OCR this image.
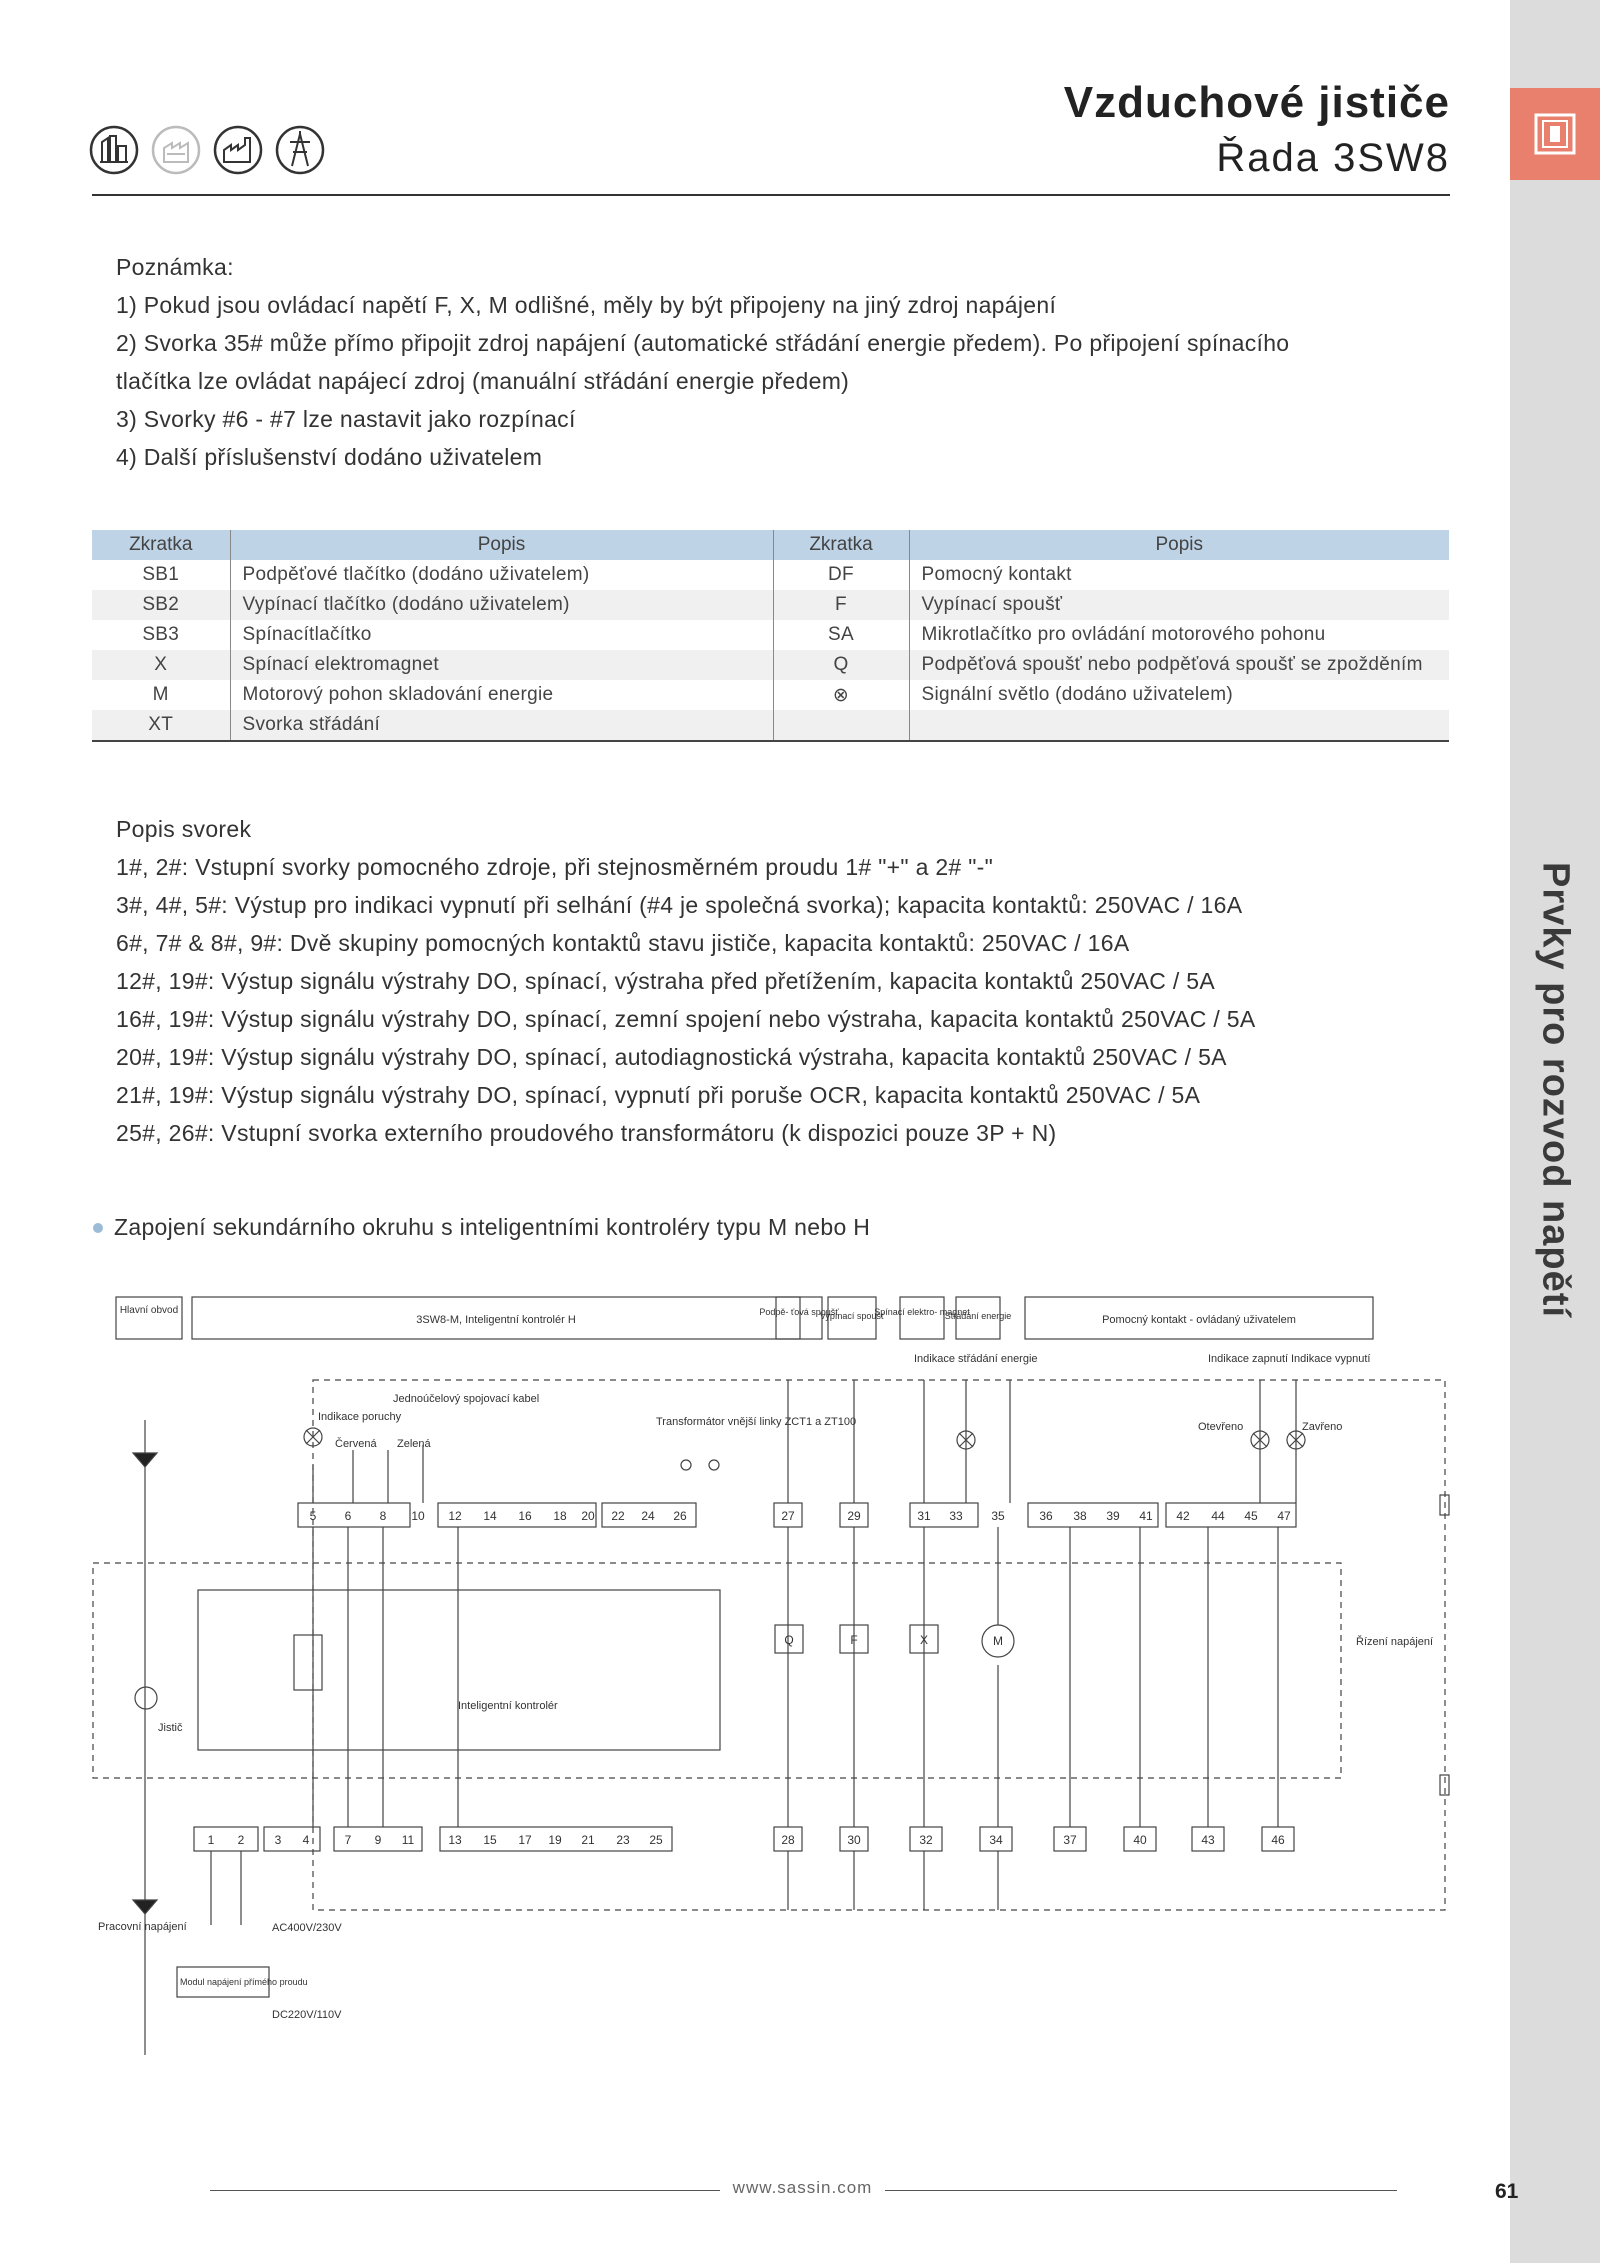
Prvky pro rozvod napětí
Vzduchové jističe
Řada 3SW8
Poznámka:
1) Pokud jsou ovládací napětí F, X, M odlišné, měly by být připojeny na jiný zdroj napájení
2) Svorka 35# může přímo připojit zdroj napájení (automatické střádání energie předem). Po připojení spínacího
tlačítka lze ovládat napájecí zdroj (manuální střádání energie předem)
3) Svorky #6 - #7 lze nastavit jako rozpínací
4) Další příslušenství dodáno uživatelem
Zkratka	Popis	Zkratka	Popis
SB1	Podpěťové tlačítko (dodáno uživatelem)	DF	Pomocný kontakt
SB2	Vypínací tlačítko (dodáno uživatelem)	F	Vypínací spoušť
SB3	Spínacítlačítko	SA	Mikrotlačítko pro ovládání motorového pohonu
X	Spínací elektromagnet	Q	Podpěťová spoušť nebo podpěťová spoušť se zpožděním
M	Motorový pohon skladování energie	⊗	Signální světlo (dodáno uživatelem)
XT	Svorka střádání		
Popis svorek
1#, 2#: Vstupní svorky pomocného zdroje, při stejnosměrném proudu 1# "+" a 2# "-"
3#, 4#, 5#: Výstup pro indikaci vypnutí při selhání (#4 je společná svorka); kapacita kontaktů: 250VAC / 16A
6#, 7# & 8#, 9#: Dvě skupiny pomocných kontaktů stavu jističe, kapacita kontaktů: 250VAC / 16A
12#, 19#: Výstup signálu výstrahy DO, spínací, výstraha před přetížením, kapacita kontaktů 250VAC / 5A
16#, 19#: Výstup signálu výstrahy DO, spínací, zemní spojení nebo výstraha, kapacita kontaktů 250VAC / 5A
20#, 19#: Výstup signálu výstrahy DO, spínací, autodiagnostická výstraha, kapacita kontaktů 250VAC / 5A
21#, 19#: Výstup signálu výstrahy DO, spínací, vypnutí při poruše OCR, kapacita kontaktů 250VAC / 5A
25#, 26#: Vstupní svorka externího proudového transformátoru (k dispozici pouze 3P + N)
Zapojení sekundárního okruhu s inteligentními kontroléry typu M nebo H
Hlavní obvod
3SW8-M, Inteligentní kontrolér H
Podpě- ťová spoušť
Vypínací spoušť
Spínací elektro- magnet
Střádání energie	Pomocný kontakt - ovládaný uživatelem
Indikace poruchy
Červená Zelená
Jednoúčelový spojovací kabel
Transformátor vnější linky ZCT1 a ZT100
Indikace střádání energie	Indikace zapnutí Indikace vypnutí
Otevřeno	Zavřeno
Inteligentní kontrolér
Jistič
Pracovní napájení
Modul napájení přímého proudu
AC400V/230V
DC220V/110V
Řízení napájení
Q	F	X	M
5 6 8 10 12 14 16 18 20 22 24 26	27	29	31 33 35	36 38 39 41 42 44 45 47
1 2	3 4	7 9 11	13 15 17 19 21 23 25	28	30	32	34	37	40	43	46
www.sassin.com	61
